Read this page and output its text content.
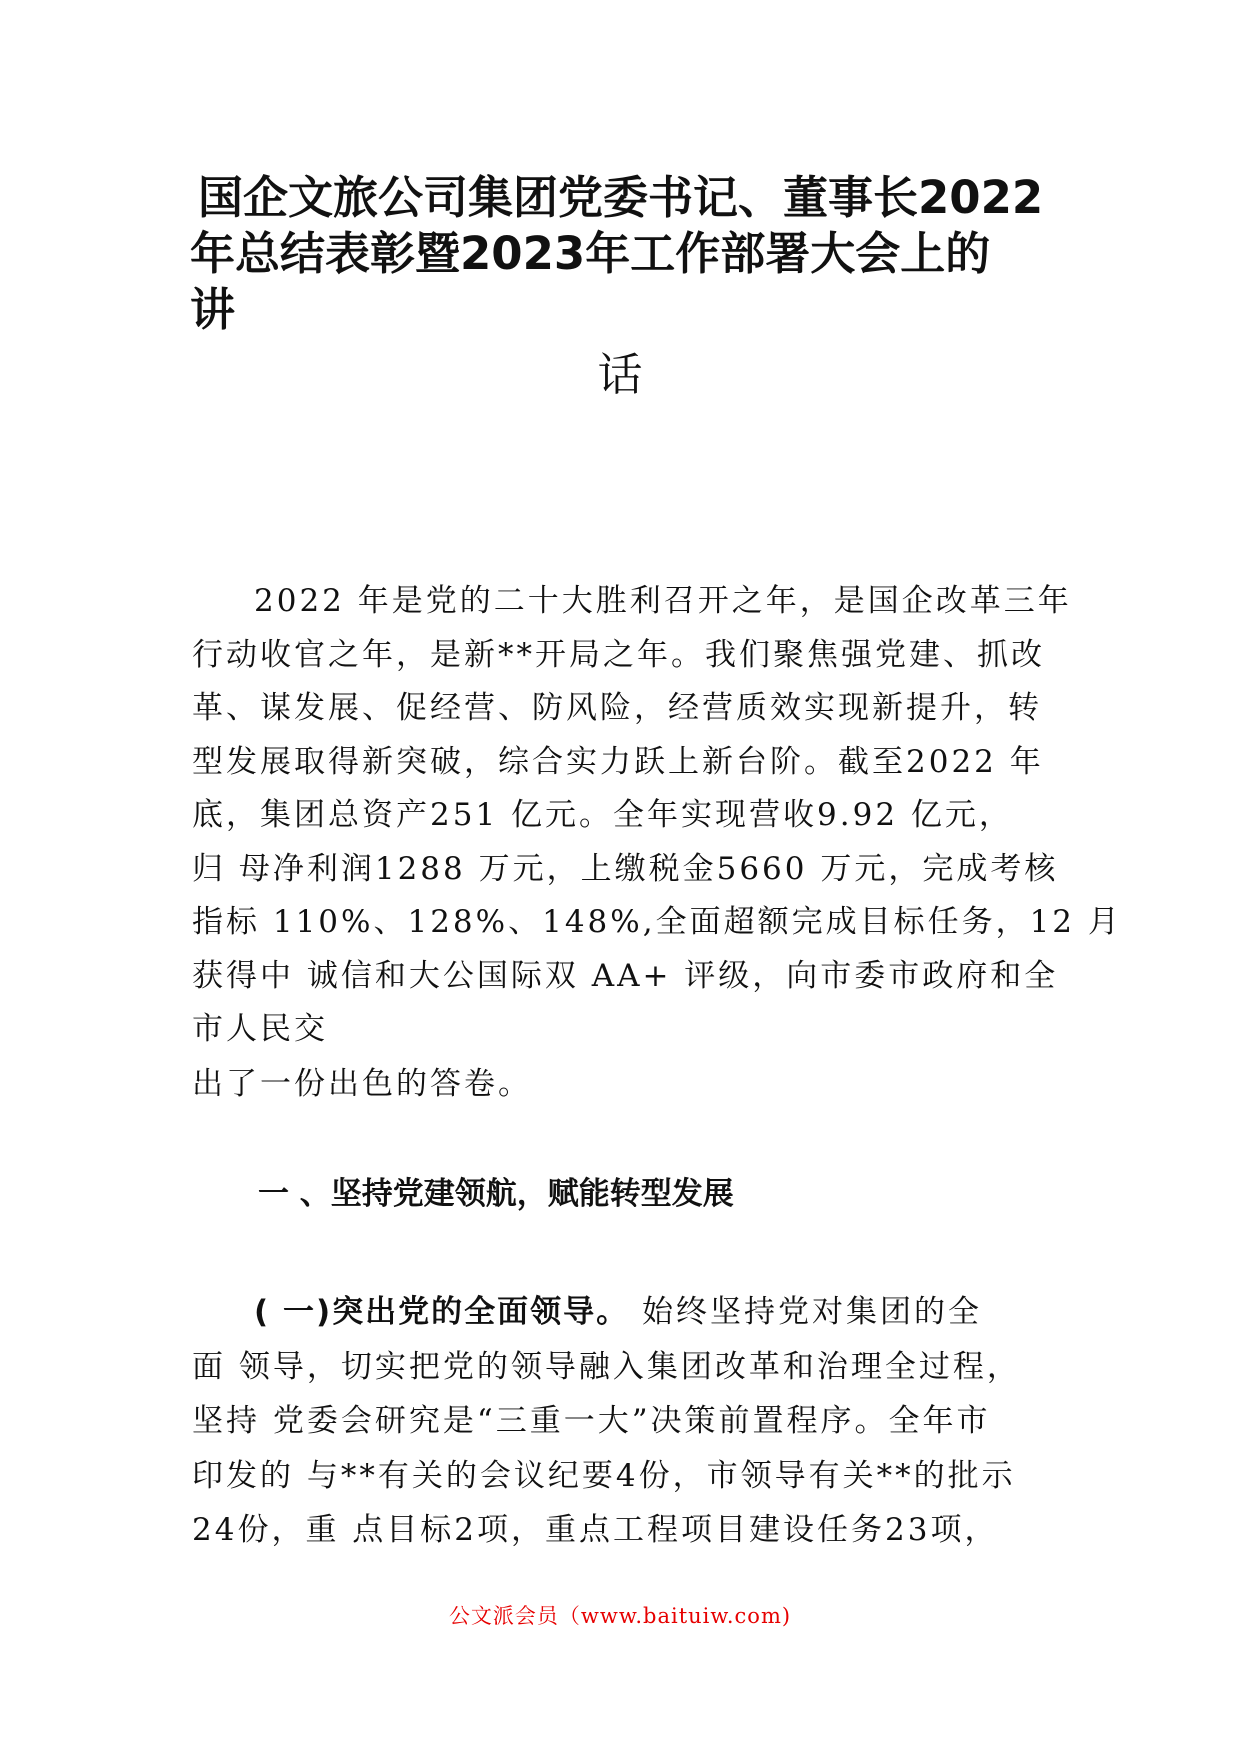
国企文旅公司集团党委书记、董事长2022
年总结表彰暨2023年工作部署大会上的
讲
话
2022 年是党的二十大胜利召开之年，是国企改革三年
行动收官之年，是新**开局之年。我们聚焦强党建、抓改
革、谋发展、促经营、防风险，经营质效实现新提升，转
型发展取得新突破，综合实力跃上新台阶。截至2022 年
底，集团总资产251 亿元。全年实现营收9.92 亿元，
归 母净利润1288 万元，上缴税金5660 万元，完成考核
指标 110%、128%、148%,全面超额完成目标任务，12 月
获得中 诚信和大公国际双 AA+ 评级，向市委市政府和全
市人民交
出了一份出色的答卷。
一 、坚持党建领航，赋能转型发展
( 一)突出党的全面领导。 始终坚持党对集团的全
面 领导，切实把党的领导融入集团改革和治理全过程，
坚持 党委会研究是“三重一大”决策前置程序。全年市
印发的 与**有关的会议纪要4份，市领导有关**的批示
24份，重 点目标2项，重点工程项目建设任务23项，
公文派会员（www.baituiw.com)
